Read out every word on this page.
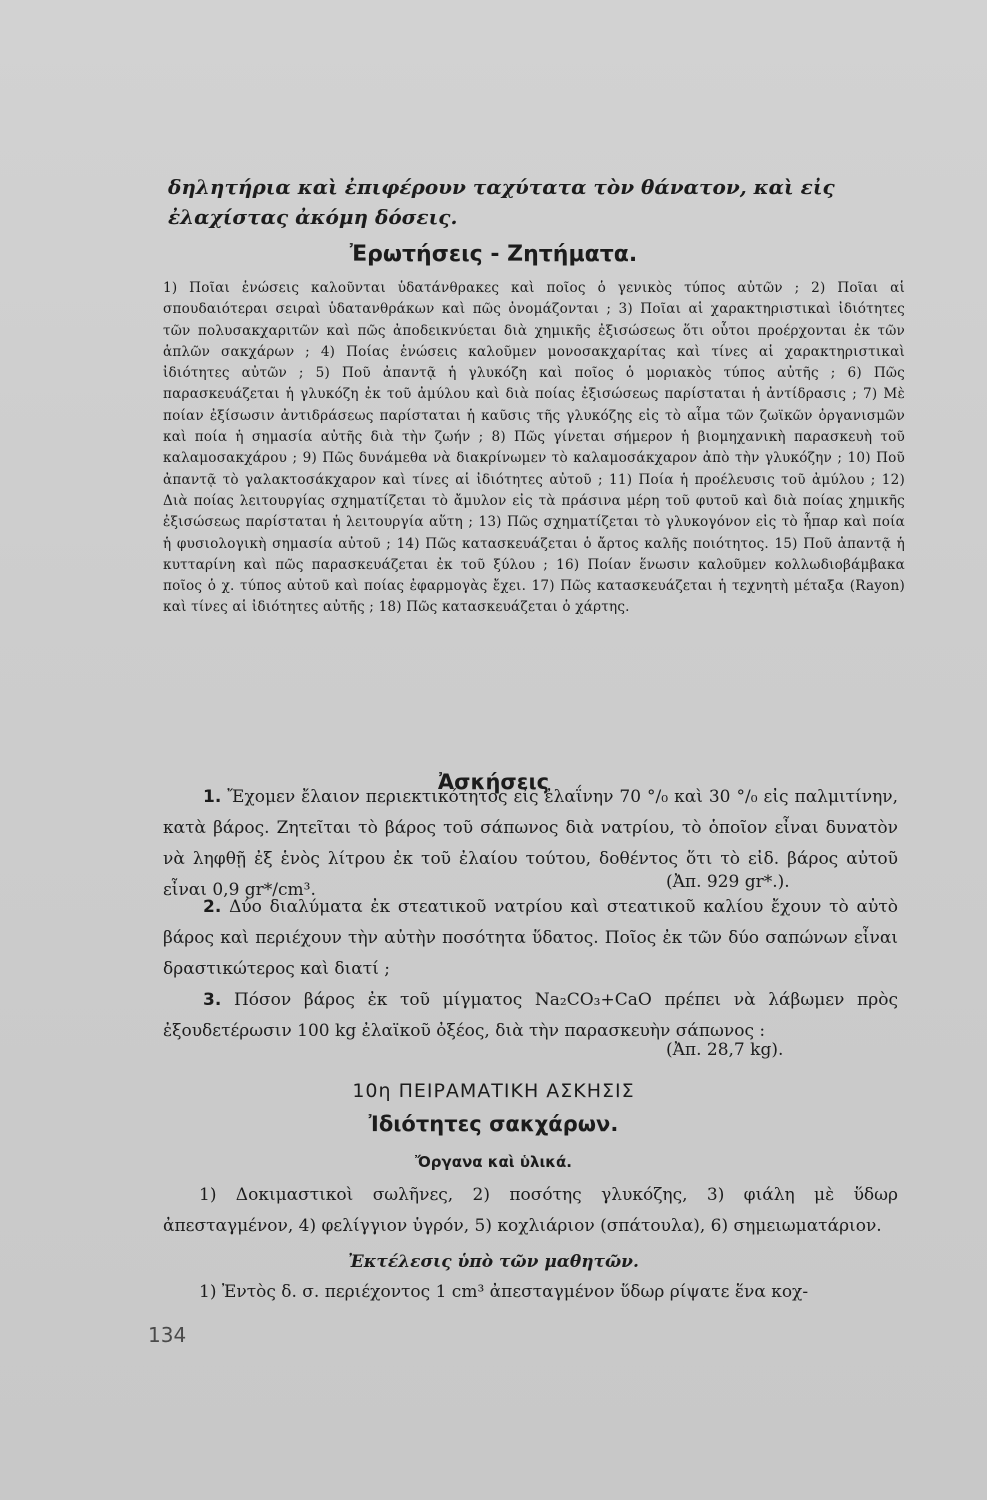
δηλητήρια καὶ ἐπιφέρουν ταχύτατα τὸν θάνατον, καὶ εἰς ἐλαχίστας ἀκόμη δόσεις.

Ἐρωτήσεις - Ζητήματα.

1) Ποῖαι ἑνώσεις καλοῦνται ὑδατάνθρακες καὶ ποῖος ὁ γενικὸς τύπος αὐτῶν ; 2) Ποῖαι αἱ σπουδαιότεραι σειραὶ ὑδατανθράκων καὶ πῶς ὀνομάζονται ; 3) Ποῖαι αἱ χαρακτηριστικαὶ ἰδιότητες τῶν πολυσακχαριτῶν καὶ πῶς ἀποδεικνύεται διὰ χημικῆς ἐξισώσεως ὅτι οὗτοι προέρχονται ἐκ τῶν ἁπλῶν σακχάρων ; 4) Ποίας ἑνώσεις καλοῦμεν μονοσακχαρίτας καὶ τίνες αἱ χαρακτηριστικαὶ ἰδιότητες αὐτῶν ; 5) Ποῦ ἀπαντᾷ ἡ γλυκόζη καὶ ποῖος ὁ μοριακὸς τύπος αὐτῆς ; 6) Πῶς παρασκευάζεται ἡ γλυκόζη ἐκ τοῦ ἀμύλου καὶ διὰ ποίας ἐξισώσεως παρίσταται ἡ ἀντίδρασις ; 7) Μὲ ποίαν ἐξίσωσιν ἀντιδράσεως παρίσταται ἡ καῦσις τῆς γλυκόζης εἰς τὸ αἷμα τῶν ζωϊκῶν ὀργανισμῶν καὶ ποία ἡ σημασία αὐτῆς διὰ τὴν ζωήν ; 8) Πῶς γίνεται σήμερον ἡ βιομηχανικὴ παρασκευὴ τοῦ καλαμοσακχάρου ; 9) Πῶς δυνάμεθα νὰ διακρίνωμεν τὸ καλαμοσάκχαρον ἀπὸ τὴν γλυκόζην ; 10) Ποῦ ἀπαντᾷ τὸ γαλακτοσάκχαρον καὶ τίνες αἱ ἰδιότητες αὐτοῦ ; 11) Ποία ἡ προέλευσις τοῦ ἀμύλου ; 12) Διὰ ποίας λειτουργίας σχηματίζεται τὸ ἄμυλον εἰς τὰ πράσινα μέρη τοῦ φυτοῦ καὶ διὰ ποίας χημικῆς ἐξισώσεως παρίσταται ἡ λειτουργία αὕτη ; 13) Πῶς σχηματίζεται τὸ γλυκογόνον εἰς τὸ ἧπαρ καὶ ποία ἡ φυσιολογικὴ σημασία αὐτοῦ ; 14) Πῶς κατασκευάζεται ὁ ἄρτος καλῆς ποιότητος. 15) Ποῦ ἀπαντᾷ ἡ κυτταρίνη καὶ πῶς παρασκευάζεται ἐκ τοῦ ξύλου ; 16) Ποίαν ἕνωσιν καλοῦμεν κολλωδιοβάμβακα ποῖος ὁ χ. τύπος αὐτοῦ καὶ ποίας ἐφαρμογὰς ἔχει. 17) Πῶς κατασκευάζεται ἡ τεχνητὴ μέταξα (Rayon) καὶ τίνες αἱ ἰδιότητες αὐτῆς ; 18) Πῶς κατασκευάζεται ὁ χάρτης.

Ἀσκήσεις

1. Ἔχομεν ἔλαιον περιεκτικότητος εἰς ἐλαΐνην 70 °/₀ καὶ 30 °/₀ εἰς παλμιτίνην, κατὰ βάρος. Ζητεῖται τὸ βάρος τοῦ σάπωνος διὰ νατρίου, τὸ ὁποῖον εἶναι δυνατὸν νὰ ληφθῇ ἐξ ἑνὸς λίτρου ἐκ τοῦ ἐλαίου τούτου, δοθέντος ὅτι τὸ εἰδ. βάρος αὐτοῦ εἶναι 0,9 gr*/cm³.	(Ἀπ. 929 gr*.).

2. Δύο διαλύματα ἐκ στεατικοῦ νατρίου καὶ στεατικοῦ καλίου ἔχουν τὸ αὐτὸ βάρος καὶ περιέχουν τὴν αὐτὴν ποσότητα ὕδατος. Ποῖος ἐκ τῶν δύο σαπώνων εἶναι δραστικώτερος καὶ διατί ;

3. Πόσον βάρος ἐκ τοῦ μίγματος Na₂CO₃+CaO πρέπει νὰ λάβωμεν πρὸς ἐξουδετέρωσιν 100 kg ἐλαϊκοῦ ὀξέος, διὰ τὴν παρασκευὴν σάπωνος :

(Ἀπ. 28,7 kg).

10η ΠΕΙΡΑΜΑΤΙΚΗ ΑΣΚΗΣΙΣ

Ἰδιότητες σακχάρων.
Ὄργανα καὶ ὑλικά.

1) Δοκιμαστικοὶ σωλῆνες, 2) ποσότης γλυκόζης, 3) φιάλη μὲ ὕδωρ ἀπεσταγμένον, 4) φελίγγιον ὑγρόν, 5) κοχλιάριον (σπάτουλα), 6) σημειωματάριον.

Ἐκτέλεσις ὑπὸ τῶν μαθητῶν.

1) Ἐντὸς δ. σ. περιέχοντος 1 cm³ ἀπεσταγμένον ὕδωρ ρίψατε ἕνα κοχ-

134
